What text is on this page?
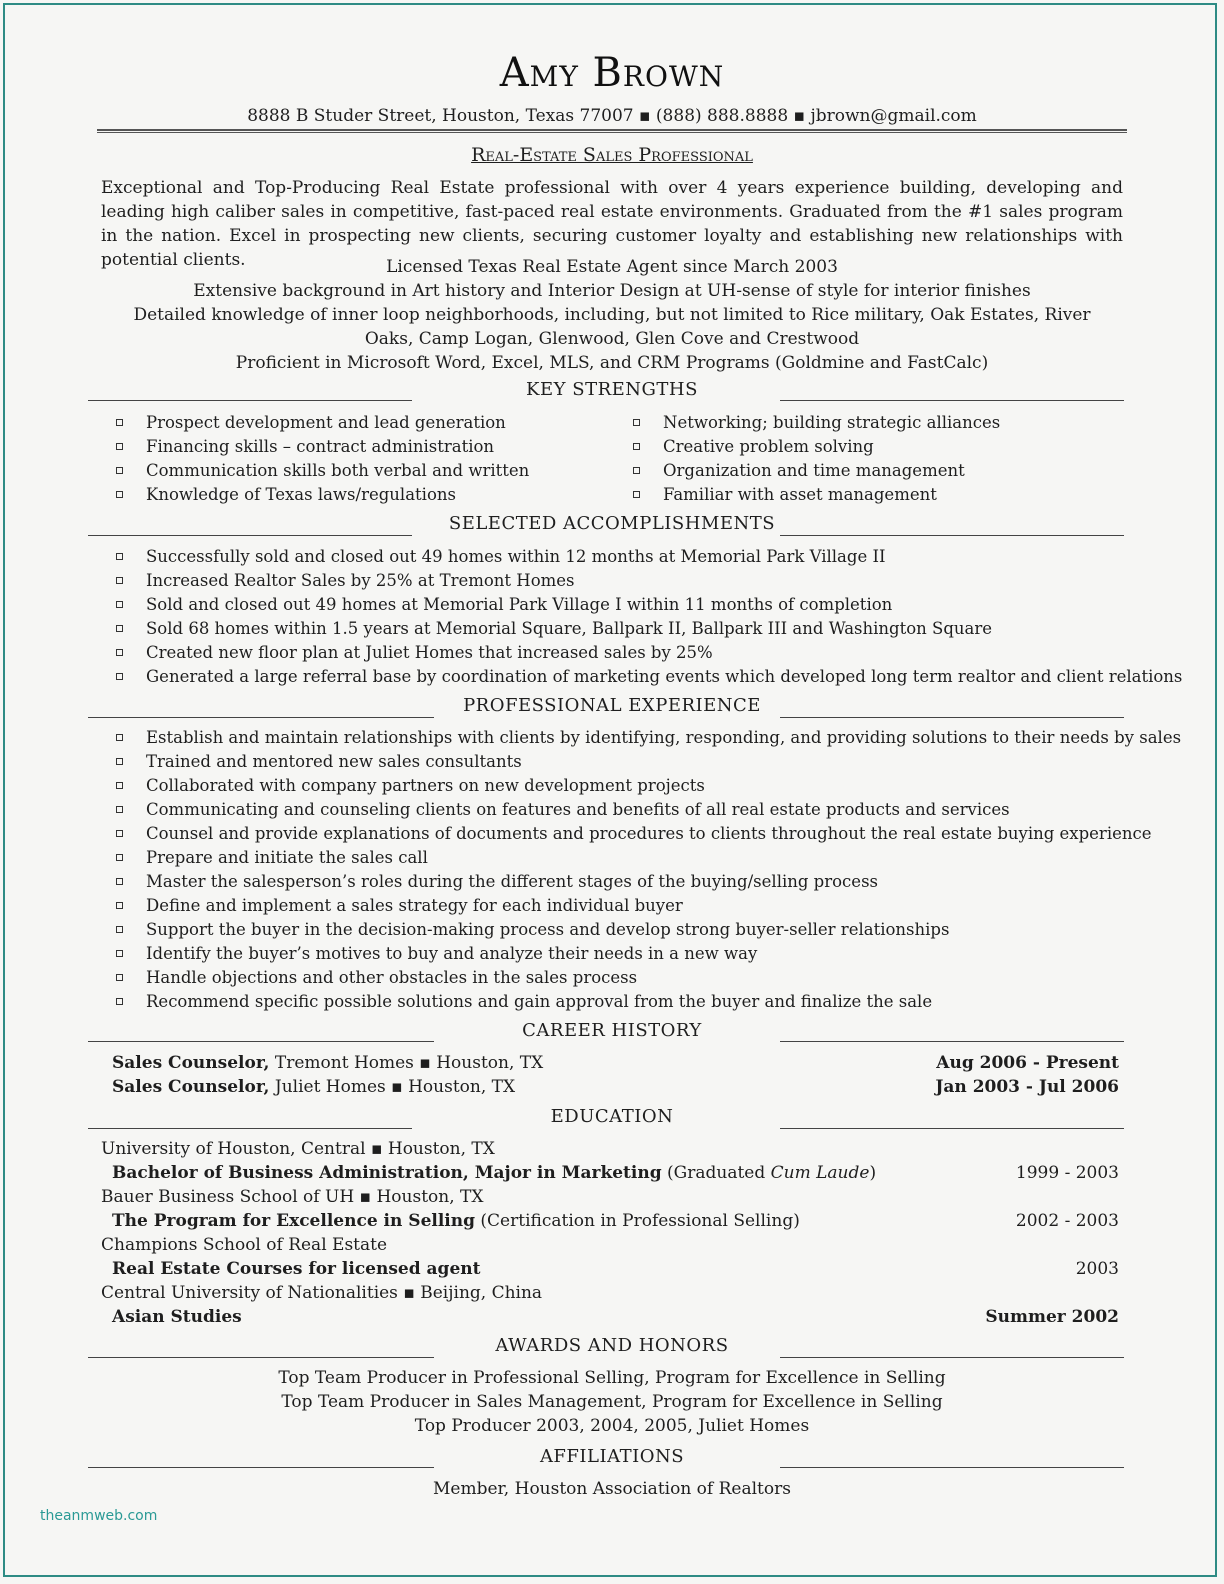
Amy Brown
8888 B Studer Street, Houston, Texas 77007 ▪ (888) 888.8888 ▪ jbrown@gmail.com
Real-Estate Sales Professional
Exceptional and Top-Producing Real Estate professional with over 4 years experience building, developing and leading high caliber sales in competitive, fast-paced real estate environments. Graduated from the #1 sales program in the nation. Excel in prospecting new clients, securing customer loyalty and establishing new relationships with potential clients.	Licensed Texas Real Estate Agent since March 2003
Extensive background in Art history and Interior Design at UH-sense of style for interior finishes
Detailed knowledge of inner loop neighborhoods, including, but not limited to Rice military, Oak Estates, River Oaks, Camp Logan, Glenwood, Glen Cove and Crestwood
Proficient in Microsoft Word, Excel, MLS, and CRM Programs (Goldmine and FastCalc)
KEY STRENGTHS
Prospect development and lead generation
Financing skills – contract administration
Communication skills both verbal and written
Knowledge of Texas laws/regulations
Networking; building strategic alliances
Creative problem solving
Organization and time management
Familiar with asset management
SELECTED ACCOMPLISHMENTS
Successfully sold and closed out 49 homes within 12 months at Memorial Park Village II
Increased Realtor Sales by 25% at Tremont Homes
Sold and closed out 49 homes at Memorial Park Village I within 11 months of completion
Sold 68 homes within 1.5 years at Memorial Square, Ballpark II, Ballpark III and Washington Square
Created new floor plan at Juliet Homes that increased sales by 25%
Generated a large referral base by coordination of marketing events which developed long term realtor and client relations
PROFESSIONAL EXPERIENCE
Establish and maintain relationships with clients by identifying, responding, and providing solutions to their needs by sales
Trained and mentored new sales consultants
Collaborated with company partners on new development projects
Communicating and counseling clients on features and benefits of all real estate products and services
Counsel and provide explanations of documents and procedures to clients throughout the real estate buying experience
Prepare and initiate the sales call
Master the salesperson’s roles during the different stages of the buying/selling process
Define and implement a sales strategy for each individual buyer
Support the buyer in the decision-making process and develop strong buyer-seller relationships
Identify the buyer’s motives to buy and analyze their needs in a new way
Handle objections and other obstacles in the sales process
Recommend specific possible solutions and gain approval from the buyer and finalize the sale
CAREER HISTORY
Sales Counselor, Tremont Homes ▪ Houston, TX	Aug 2006 - Present
Sales Counselor, Juliet Homes ▪ Houston, TX	Jan 2003 - Jul 2006
EDUCATION
University of Houston, Central ▪ Houston, TX
Bachelor of Business Administration, Major in Marketing (Graduated Cum Laude)	1999 - 2003
Bauer Business School of UH ▪ Houston, TX
The Program for Excellence in Selling (Certification in Professional Selling)	2002 - 2003
Champions School of Real Estate
Real Estate Courses for licensed agent	2003
Central University of Nationalities ▪ Beijing, China
Asian Studies	Summer 2002
AWARDS AND HONORS
Top Team Producer in Professional Selling, Program for Excellence in Selling
Top Team Producer in Sales Management, Program for Excellence in Selling
Top Producer 2003, 2004, 2005, Juliet Homes
AFFILIATIONS
Member, Houston Association of Realtors
theanmweb.com
